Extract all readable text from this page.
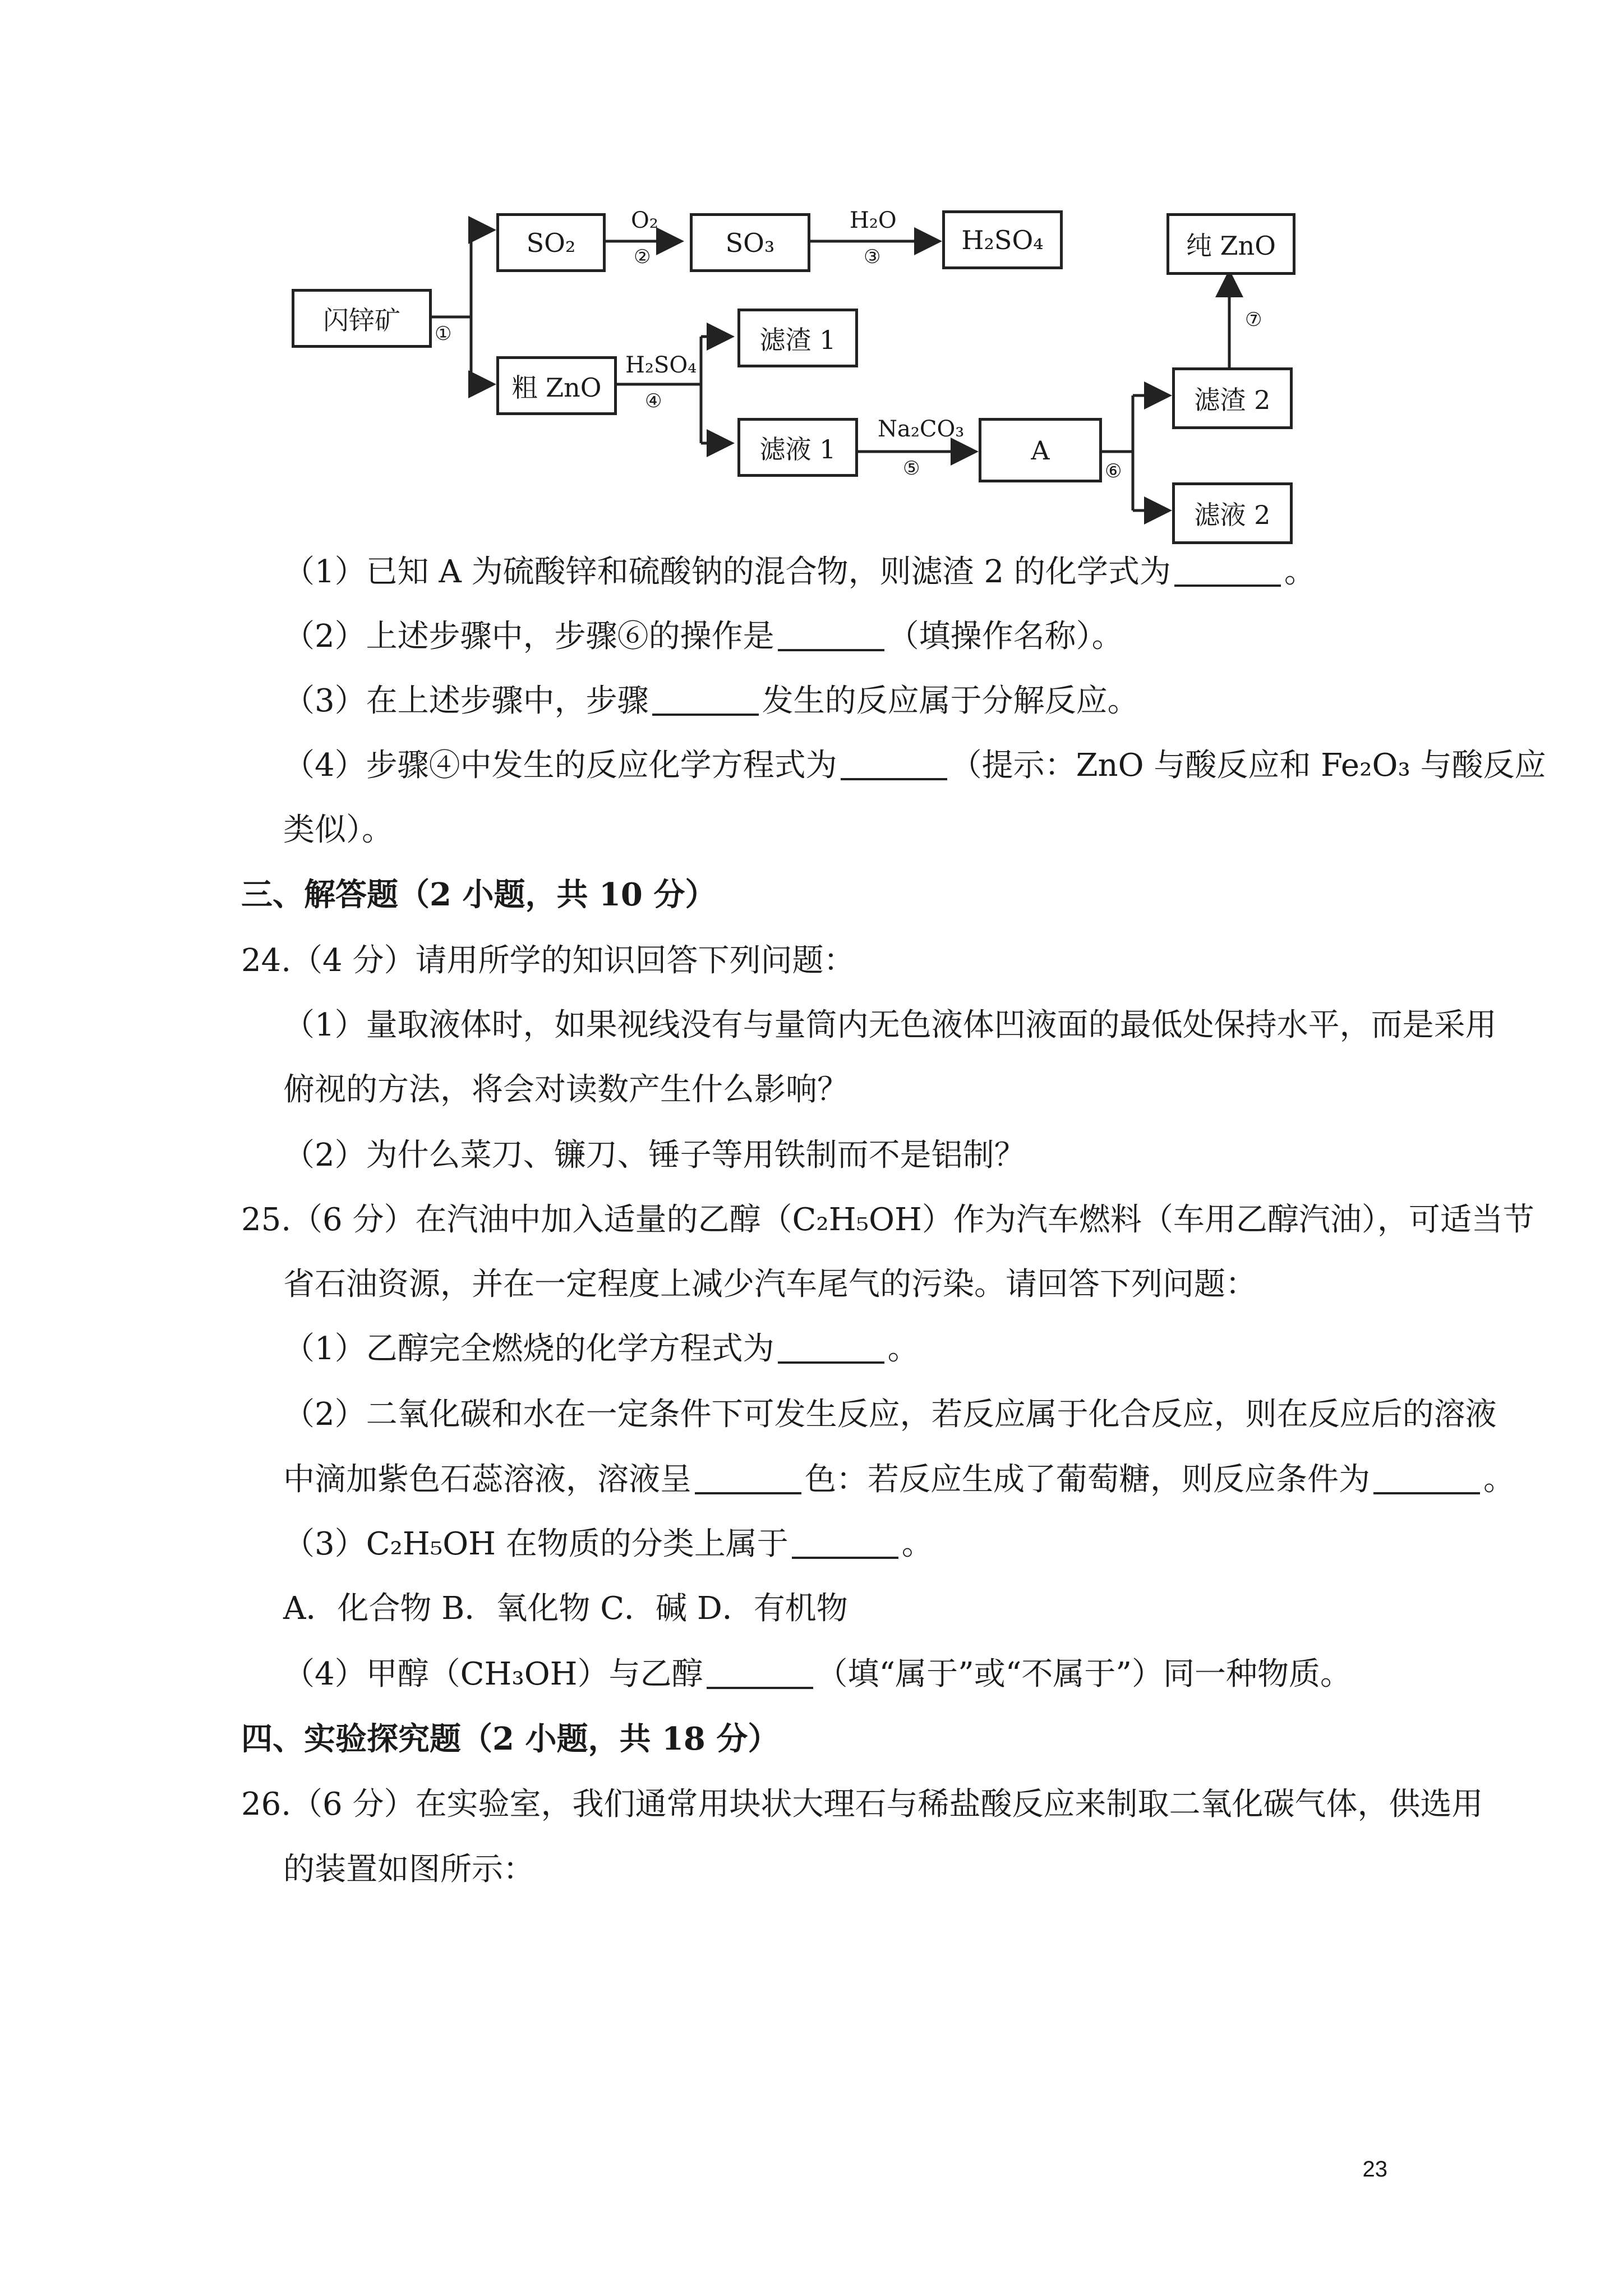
闪锌矿
SO₂	SO₃	H₂SO₄
粗 ZnO
滤渣 1
滤液 1	A
滤渣 2
滤液 2
纯 ZnO
O₂
②
H₂O
③
①
H₂SO₄
④
Na₂CO₃
⑤	⑥
⑦
（1）已知 A 为硫酸锌和硫酸钠的混合物，则滤渣 2 的化学式为	。
（2）上述步骤中，步骤⑥的操作是	（填操作名称）。
（3）在上述步骤中，步骤	发生的反应属于分解反应。
（4）步骤④中发生的反应化学方程式为	（提示：ZnO 与酸反应和 Fe₂O₃ 与酸反应
类似）。
三、解答题（2 小题，共 10 分）
24.（4 分）请用所学的知识回答下列问题：
（1）量取液体时，如果视线没有与量筒内无色液体凹液面的最低处保持水平，而是采用
俯视的方法，将会对读数产生什么影响？
（2）为什么菜刀、镰刀、锤子等用铁制而不是铝制？
25.（6 分）在汽油中加入适量的乙醇（C₂H₅OH）作为汽车燃料（车用乙醇汽油），可适当节
省石油资源，并在一定程度上减少汽车尾气的污染。请回答下列问题：
（1）乙醇完全燃烧的化学方程式为	。
（2）二氧化碳和水在一定条件下可发生反应，若反应属于化合反应，则在反应后的溶液
中滴加紫色石蕊溶液，溶液呈	色：若反应生成了葡萄糖，则反应条件为	。
（3）C₂H₅OH 在物质的分类上属于	。
A．化合物 B．氧化物 C．碱 D．有机物
（4）甲醇（CH₃OH）与乙醇	（填“属于”或“不属于”）同一种物质。
四、实验探究题（2 小题，共 18 分）
26.（6 分）在实验室，我们通常用块状大理石与稀盐酸反应来制取二氧化碳气体，供选用
的装置如图所示：
23
